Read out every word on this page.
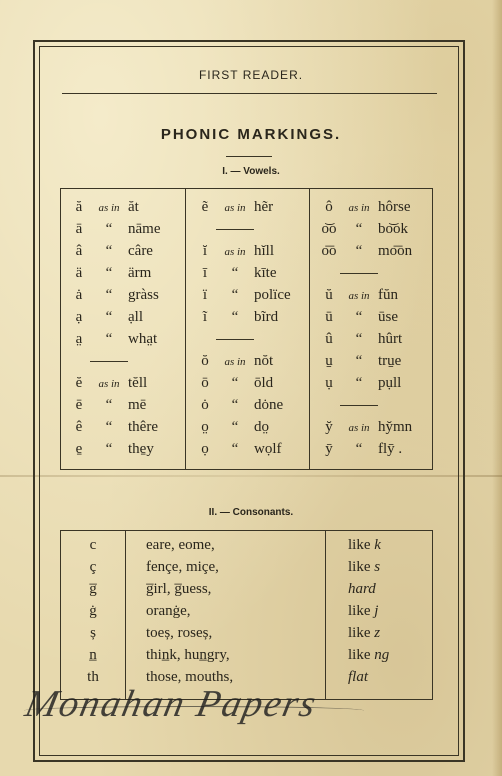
FIRST READER.
PHONIC MARKINGS.
I. — Vowels.
ă as in ăt
ā “ nāme
â “ câre
ä “ ärm
ȧ “ gràss
ạ “ ạll
a̤ “ wha̤t
ĕ as in tĕll
ē “ mē
ê “ thêre
e̱ “ the̱y
ẽ as in hẽr
ĭ as in hĭll
ī “ kīte
ï “ polïce
ĩ “ bĩrd
ŏ as in nŏt
ō “ ōld
ȯ “ dȯne
o̤ “ do̤
ọ “ wọlf
ô as in hôrse
o͝o “ bo͝ok
o͞o “ mo͞on
ŭ as in fŭn
ū “ ūse
û “ hûrt
u̱ “ tru̱e
ụ “ pụll
y̆ as in hy̆mn
ȳ “ flȳ .
II. — Consonants.
c	eare, eome,	like k
ç	fençe, miçe,	like s
g̅	g̅irl, g̅uess,	hard
ġ	oranġe,	like j
ș	toeș, roseș,	like z
n̲	thin̲k, hun̲gry,	like ng
th	those, mouths,	flat
Monahan Papers
